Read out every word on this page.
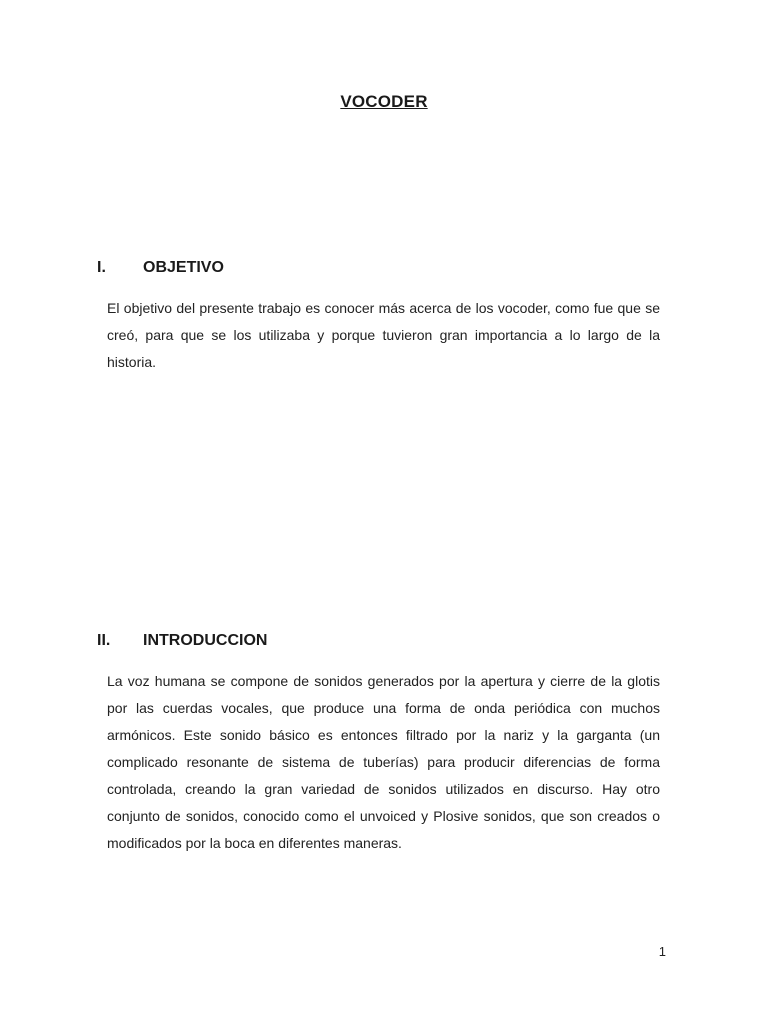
VOCODER
I.	OBJETIVO

El objetivo del presente trabajo es conocer más acerca de los vocoder, como fue que se creó, para que se los utilizaba y porque tuvieron gran importancia a lo largo de la historia.

II.	INTRODUCCION

La voz humana se compone de sonidos generados por la apertura y cierre de la glotis por las cuerdas vocales, que produce una forma de onda periódica con muchos armónicos. Este sonido básico es entonces filtrado por la nariz y la garganta (un complicado resonante de sistema de tuberías) para producir diferencias de forma controlada, creando la gran variedad de sonidos utilizados en discurso. Hay otro conjunto de sonidos, conocido como el unvoiced y Plosive sonidos, que son creados o modificados por la boca en diferentes maneras.

1
